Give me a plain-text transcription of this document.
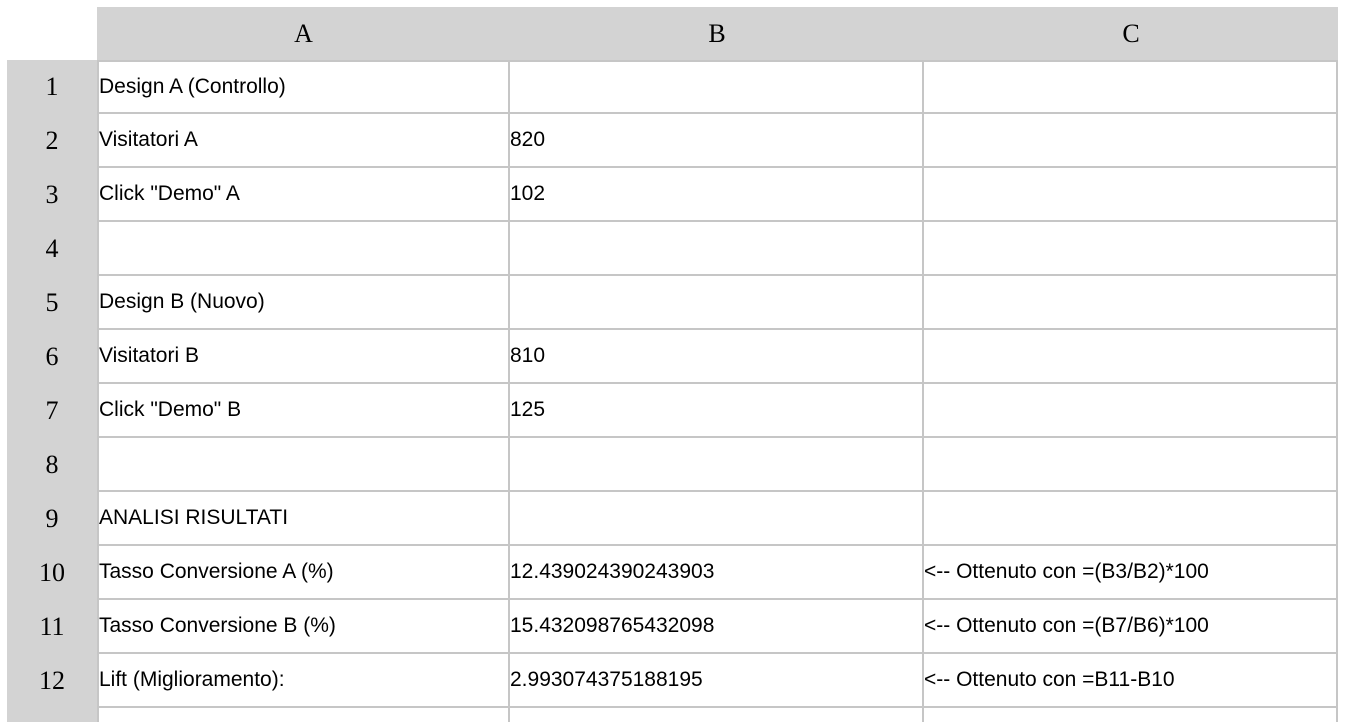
	A	B	C
1	Design A (Controllo)		
2	Visitatori A	820	
3	Click "Demo" A	102	
4			
5	Design B (Nuovo)		
6	Visitatori B	810	
7	Click "Demo" B	125	
8			
9	ANALISI RISULTATI		
10	Tasso Conversione A (%)	12.439024390243903	<-- Ottenuto con =(B3/B2)*100
11	Tasso Conversione B (%)	15.432098765432098	<-- Ottenuto con =(B7/B6)*100
12	Lift (Miglioramento):	2.993074375188195	<-- Ottenuto con =B11-B10
